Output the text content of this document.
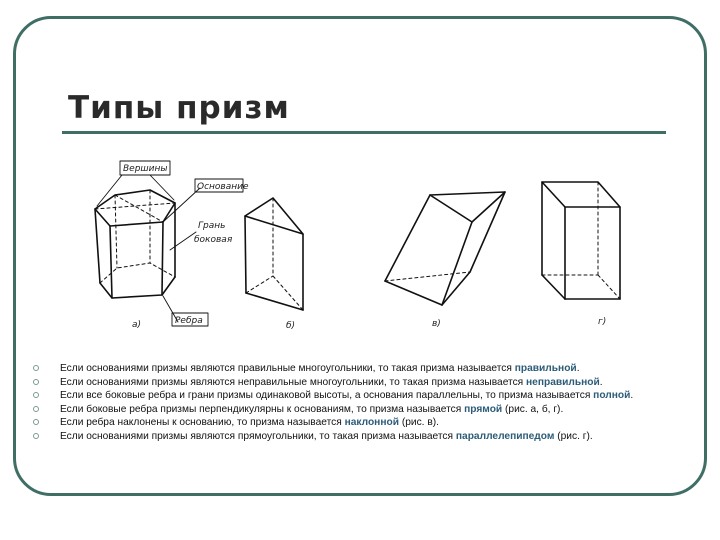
Типы призм
Вершины
Основание
Грань
боковая
Ребра
а)	б)	в)	г)
Если основаниями призмы являются правильные многоугольники, то такая призма называется правильной.
Если основаниями призмы являются неправильные многоугольники, то такая призма называется неправильной.
Если все боковые ребра и грани призмы одинаковой высоты, а основания параллельны, то призма называется полной.
Если боковые ребра призмы перпендикулярны к основаниям, то призма называется прямой (рис. а, б, г).
Если ребра наклонены к основанию, то призма называется наклонной (рис. в).
Если основаниями призмы являются прямоугольники, то такая призма называется параллелепипедом (рис. г).
